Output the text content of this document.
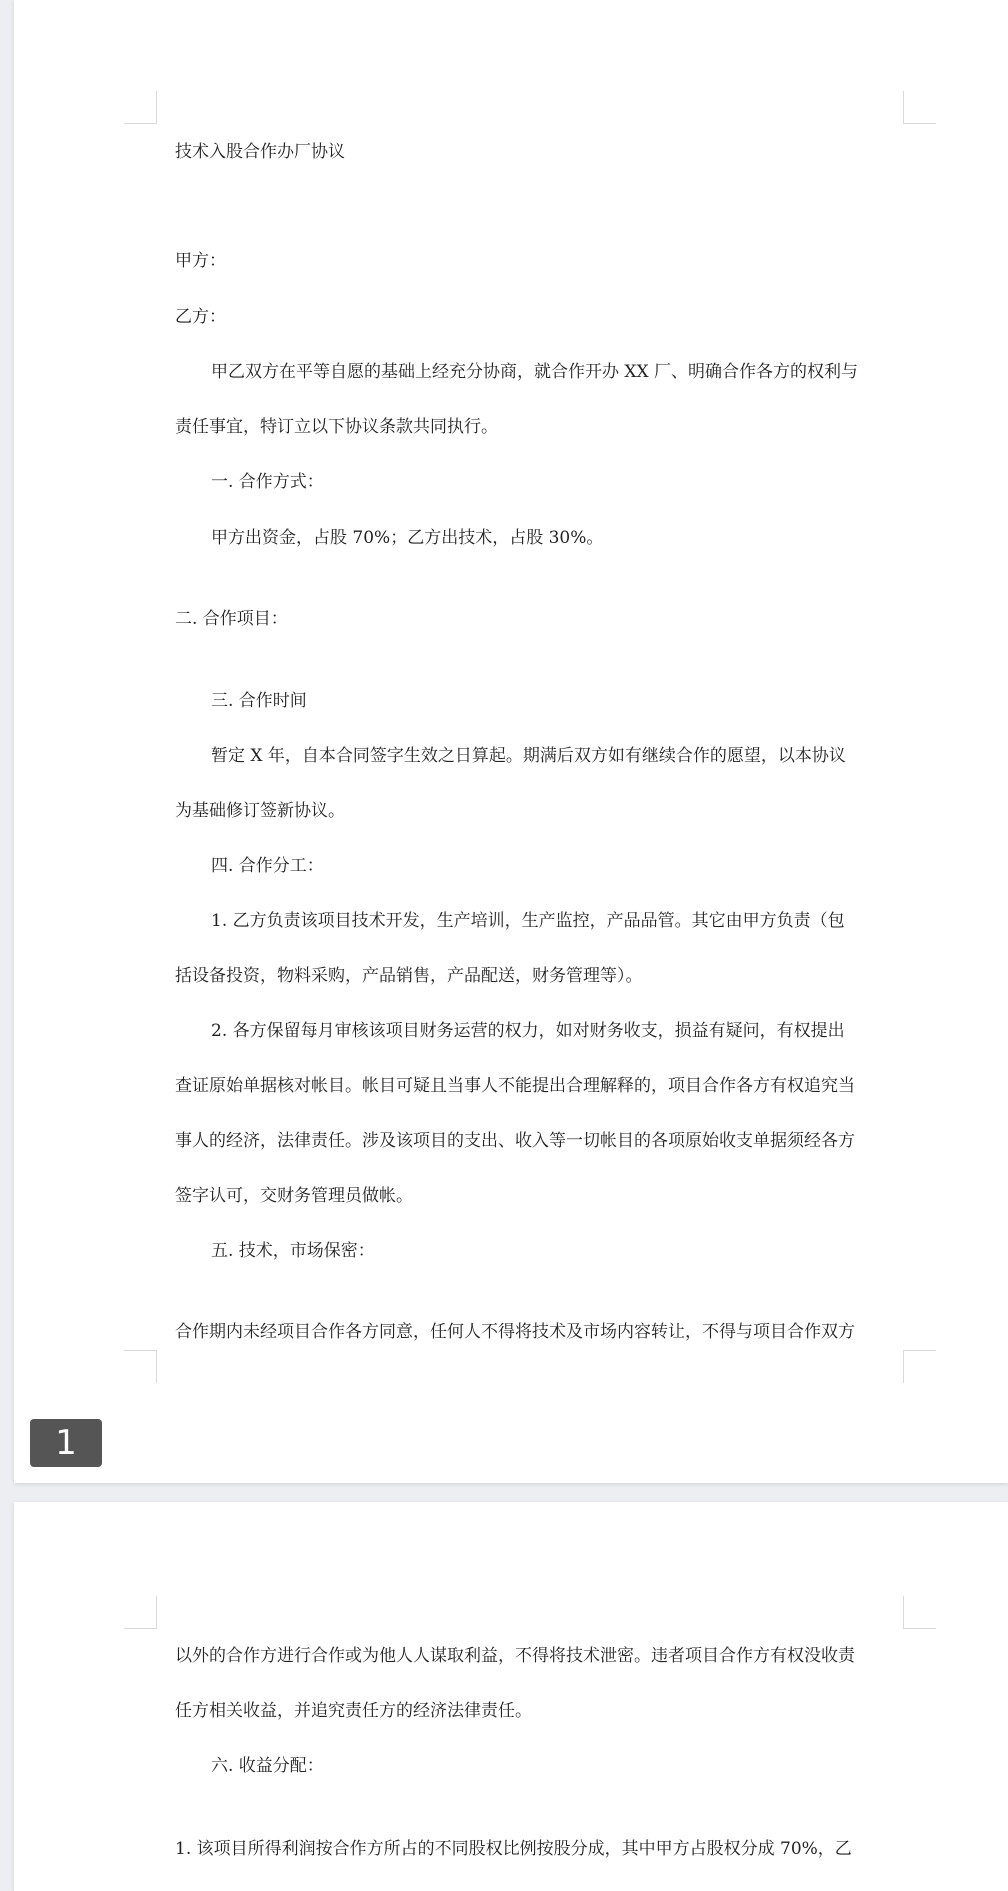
技术入股合作办厂协议
甲方：
乙方：
甲乙双方在平等自愿的基础上经充分协商，就合作开办 XX 厂、明确合作各方的权利与
责任事宜，特订立以下协议条款共同执行。
一. 合作方式：
甲方出资金，占股 70%；乙方出技术，占股 30%。
二. 合作项目：
三. 合作时间
暂定 X 年，自本合同签字生效之日算起。期满后双方如有继续合作的愿望，以本协议
为基础修订签新协议。
四. 合作分工：
1. 乙方负责该项目技术开发，生产培训，生产监控，产品品管。其它由甲方负责（包
括设备投资，物料采购，产品销售，产品配送，财务管理等）。
2. 各方保留每月审核该项目财务运营的权力，如对财务收支，损益有疑问，有权提出
查证原始单据核对帐目。帐目可疑且当事人不能提出合理解释的，项目合作各方有权追究当
事人的经济，法律责任。涉及该项目的支出、收入等一切帐目的各项原始收支单据须经各方
签字认可，交财务管理员做帐。
五. 技术，市场保密：
合作期内未经项目合作各方同意，任何人不得将技术及市场内容转让，不得与项目合作双方
1
以外的合作方进行合作或为他人人谋取利益，不得将技术泄密。违者项目合作方有权没收责
任方相关收益，并追究责任方的经济法律责任。
六. 收益分配：
1. 该项目所得利润按合作方所占的不同股权比例按股分成，其中甲方占股权分成 70%，乙
